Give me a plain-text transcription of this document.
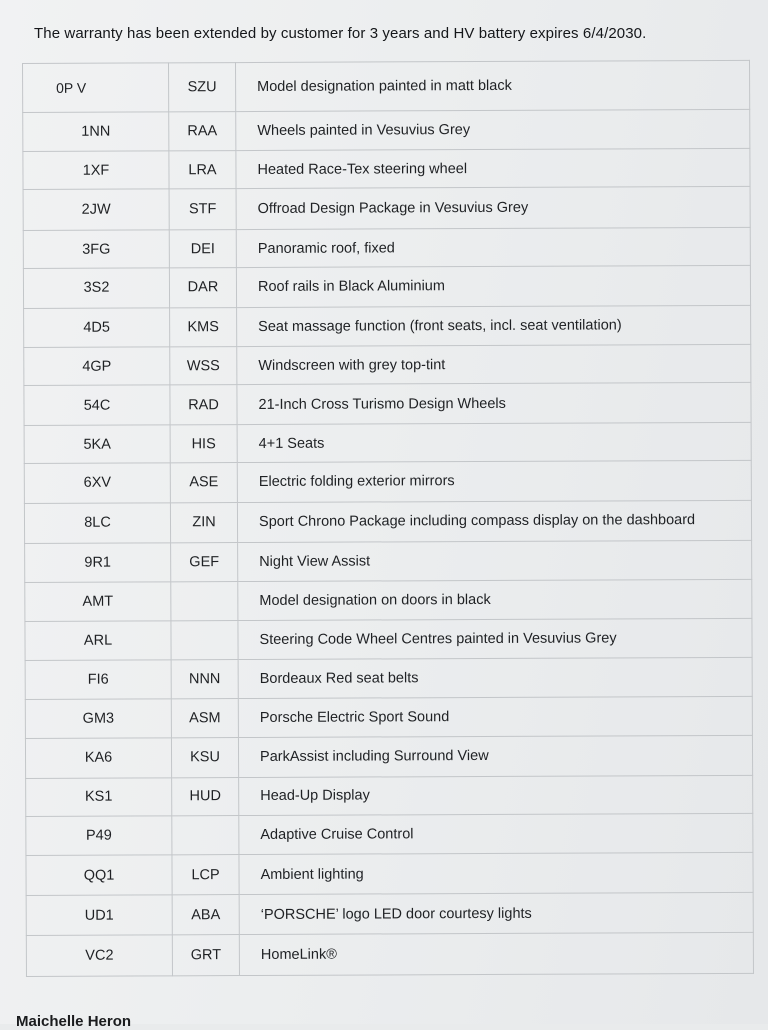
The warranty has been extended by customer for 3 years and HV battery expires 6/4/2030.
0P V	SZU	Model designation painted in matt black
1NN	RAA	Wheels painted in Vesuvius Grey
1XF	LRA	Heated Race-Tex steering wheel
2JW	STF	Offroad Design Package in Vesuvius Grey
3FG	DEI	Panoramic roof, fixed
3S2	DAR	Roof rails in Black Aluminium
4D5	KMS	Seat massage function (front seats, incl. seat ventilation)
4GP	WSS	Windscreen with grey top-tint
54C	RAD	21-Inch Cross Turismo Design Wheels
5KA	HIS	4+1 Seats
6XV	ASE	Electric folding exterior mirrors
8LC	ZIN	Sport Chrono Package including compass display on the dashboard
9R1	GEF	Night View Assist
AMT		Model designation on doors in black
ARL		Steering Code Wheel Centres painted in Vesuvius Grey
FI6	NNN	Bordeaux Red seat belts
GM3	ASM	Porsche Electric Sport Sound
KA6	KSU	ParkAssist including Surround View
KS1	HUD	Head-Up Display
P49		Adaptive Cruise Control
QQ1	LCP	Ambient lighting
UD1	ABA	‘PORSCHE’ logo LED door courtesy lights
VC2	GRT	HomeLink®
Maichelle Heron
